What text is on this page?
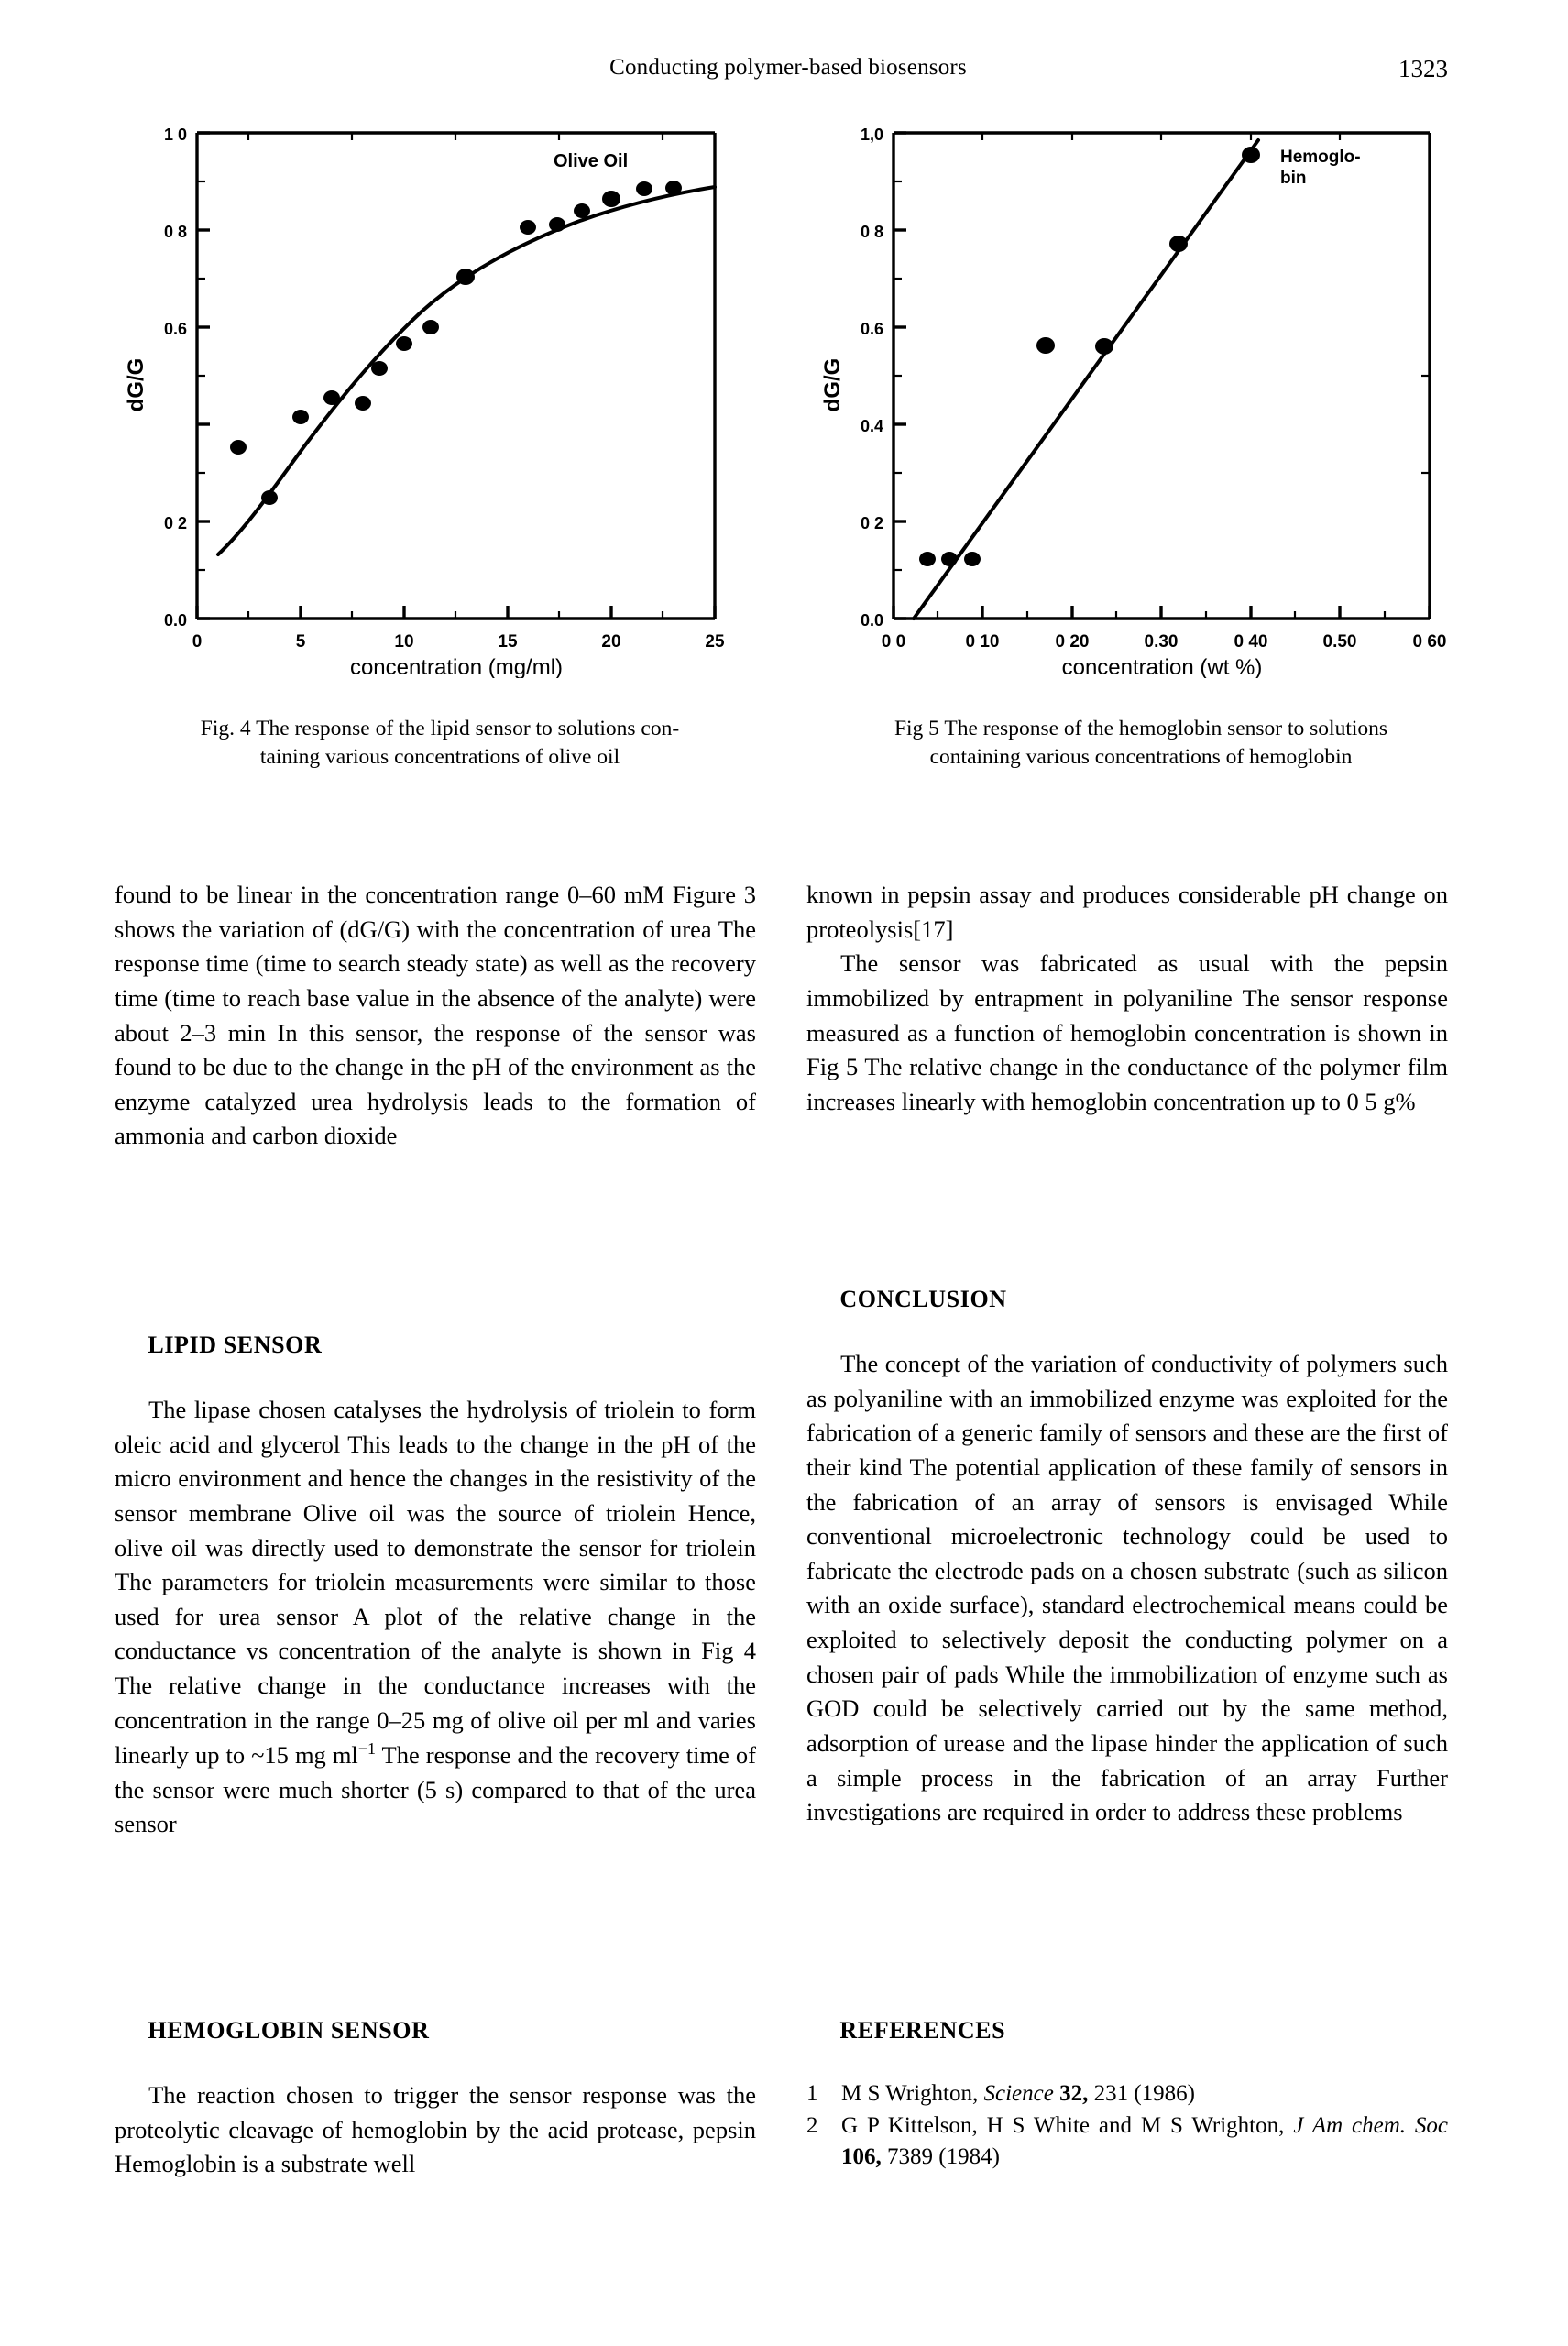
Conducting polymer-based biosensors	1323
1 0
0 8
0.6
0 2
0.0
0	5	10	15	20	25
dG/G
concentration (mg/ml)
Olive Oil
Fig. 4 The response of the lipid sensor to solutions con-
taining various concentrations of olive oil
1,0
0 8
0.6
0.4
0 2
0.0
0 0	0 10	0 20	0.30	0 40	0.50	0 60
dG/G
concentration (wt %)
Hemoglo-
bin
Fig 5 The response of the hemoglobin sensor to solutions
containing various concentrations of hemoglobin

found to be linear in the concentration range 0–60 mM Figure 3 shows the variation of (dG/G) with the concentration of urea The response time (time to search steady state) as well as the recovery time (time to reach base value in the absence of the analyte) were about 2–3 min In this sensor, the response of the sensor was found to be due to the change in the pH of the environment as the enzyme catalyzed urea hydrolysis leads to the formation of ammonia and carbon dioxide

LIPID SENSOR

The lipase chosen catalyses the hydrolysis of triolein to form oleic acid and glycerol This leads to the change in the pH of the micro environment and hence the changes in the resistivity of the sensor membrane Olive oil was the source of triolein Hence, olive oil was directly used to demonstrate the sensor for triolein The parameters for triolein measurements were similar to those used for urea sensor A plot of the relative change in the conductance vs concentration of the analyte is shown in Fig 4 The relative change in the conductance increases with the concentration in the range 0–25 mg of olive oil per ml and varies linearly up to ~15 mg $ml^{-1}$ The response and the recovery time of the sensor were much shorter (5 s) compared to that of the urea sensor

HEMOGLOBIN SENSOR

The reaction chosen to trigger the sensor response was the proteolytic cleavage of hemoglobin by the acid protease, pepsin Hemoglobin is a substrate well

known in pepsin assay and produces considerable pH change on proteolysis[17]

The sensor was fabricated as usual with the pepsin immobilized by entrapment in polyaniline The sensor response measured as a function of hemoglobin concentration is shown in Fig 5 The relative change in the conductance of the polymer film increases linearly with hemoglobin concentration up to 0 5 g%

CONCLUSION

The concept of the variation of conductivity of polymers such as polyaniline with an immobilized enzyme was exploited for the fabrication of a generic family of sensors and these are the first of their kind The potential application of these family of sensors in the fabrication of an array of sensors is envisaged While conventional microelectronic technology could be used to fabricate the electrode pads on a chosen substrate (such as silicon with an oxide surface), standard electrochemical means could be exploited to selectively deposit the conducting polymer on a chosen pair of pads While the immobilization of enzyme such as GOD could be selectively carried out by the same method, adsorption of urease and the lipase hinder the application of such a simple process in the fabrication of an array Further investigations are required in order to address these problems

REFERENCES

1 M S Wrighton, Science 32, 231 (1986)
2 G P Kittelson, H S White and M S Wrighton, J Am chem. Soc 106, 7389 (1984)
